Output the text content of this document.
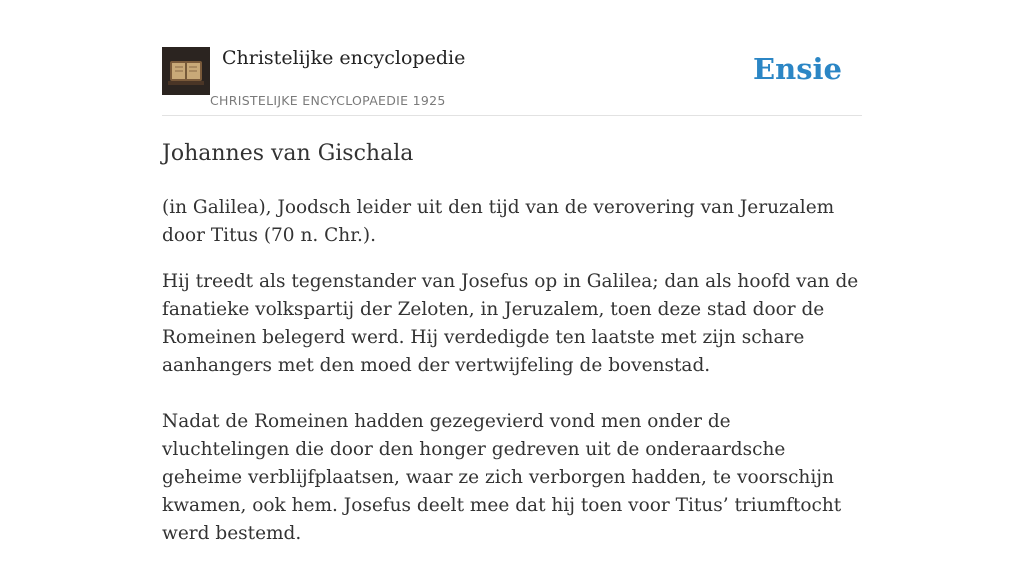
Christelijke encyclopedie
CHRISTELIJKE ENCYCLOPAEDIE 1925
Ensie
Johannes van Gischala

(in Galilea), Joodsch leider uit den tijd van de verovering van Jeruzalem door Titus (70 n. Chr.).

Hij treedt als tegenstander van Josefus op in Galilea; dan als hoofd van de fanatieke volkspartij der Zeloten, in Jeruzalem, toen deze stad door de Romeinen belegerd werd. Hij verdedigde ten laatste met zijn schare aanhangers met den moed der vertwijfeling de bovenstad.

Nadat de Romeinen hadden gezegevierd vond men onder de vluchtelingen die door den honger gedreven uit de onderaardsche geheime verblijfplaatsen, waar ze zich verborgen hadden, te voorschijn kwamen, ook hem. Josefus deelt mee dat hij toen voor Titus’ triumftocht werd bestemd.
